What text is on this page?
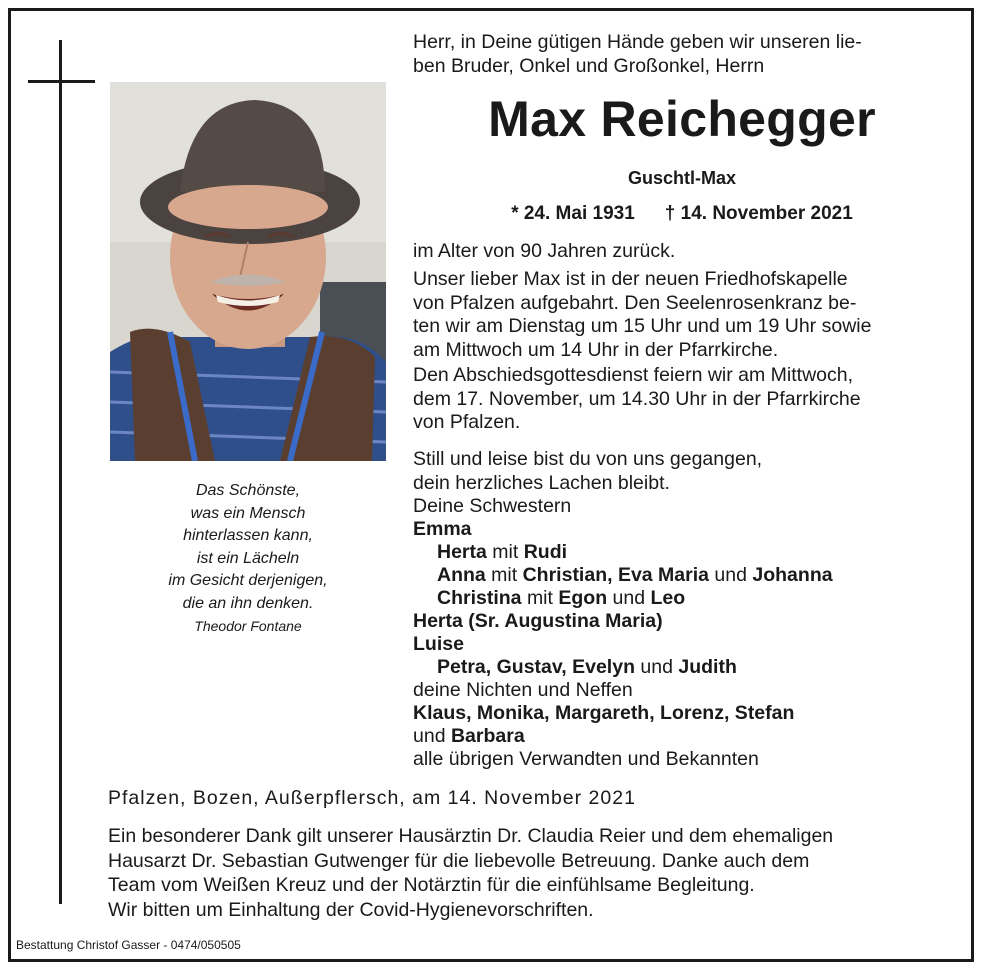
Das Schönste,
was ein Mensch
hinterlassen kann,
ist ein Lächeln
im Gesicht derjenigen,
die an ihn denken.
Theodor Fontane
Herr, in Deine gütigen Hände geben wir unseren lie-
ben Bruder, Onkel und Großonkel, Herrn
Max Reichegger
Guschtl-Max
* 24. Mai 1931 † 14. November 2021
im Alter von 90 Jahren zurück.
Unser lieber Max ist in der neuen Friedhofskapelle
von Pfalzen aufgebahrt. Den Seelenrosenkranz be-
ten wir am Dienstag um 15 Uhr und um 19 Uhr sowie
am Mittwoch um 14 Uhr in der Pfarrkirche.
Den Abschiedsgottesdienst feiern wir am Mittwoch,
dem 17. November, um 14.30 Uhr in der Pfarrkirche
von Pfalzen.
Still und leise bist du von uns gegangen,
dein herzliches Lachen bleibt.
Deine Schwestern
Emma
Herta mit Rudi
Anna mit Christian, Eva Maria und Johanna
Christina mit Egon und Leo
Herta (Sr. Augustina Maria)
Luise
Petra, Gustav, Evelyn und Judith
deine Nichten und Neffen
Klaus, Monika, Margareth, Lorenz, Stefan
und Barbara
alle übrigen Verwandten und Bekannten
Pfalzen, Bozen, Außerpflersch, am 14. November 2021
Ein besonderer Dank gilt unserer Hausärztin Dr. Claudia Reier und dem ehemaligen
Hausarzt Dr. Sebastian Gutwenger für die liebevolle Betreuung. Danke auch dem
Team vom Weißen Kreuz und der Notärztin für die einfühlsame Begleitung.
Wir bitten um Einhaltung der Covid-Hygienevorschriften.
Bestattung Christof Gasser - 0474/050505
